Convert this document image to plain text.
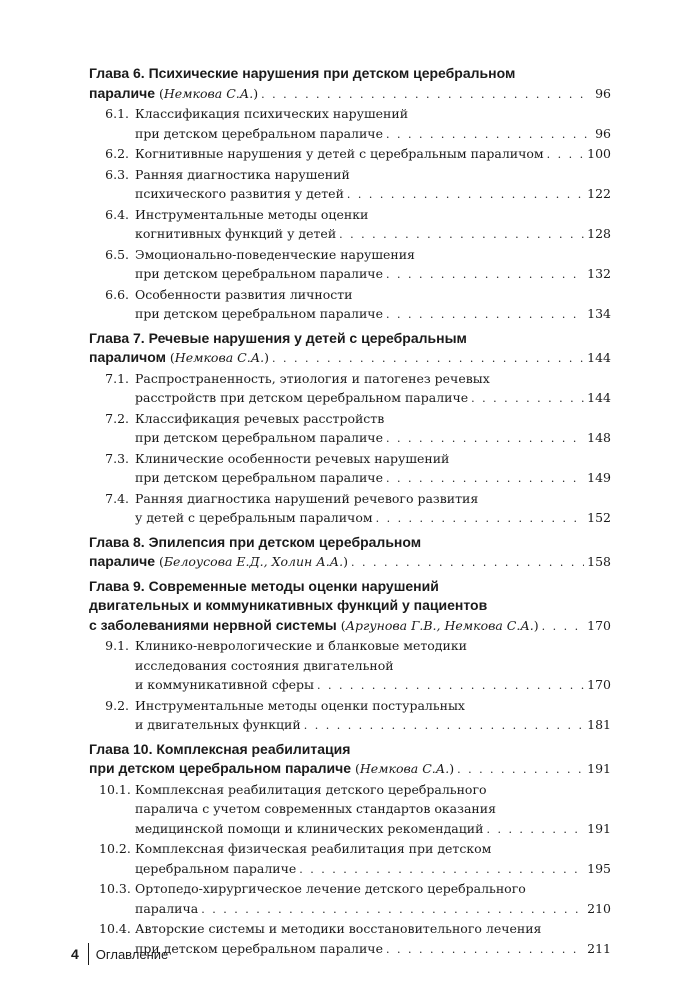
Глава 6. Психические нарушения при детском церебральном
параличе ( Немкова С.А. ) . . .	96
6.1. Классификация психических нарушений
при детском церебральном параличе . . .	96
6.2. Когнитивные нарушения у детей с церебральным параличом . . .	100
6.3. Ранняя диагностика нарушений
психического развития у детей . . .	122
6.4. Инструментальные методы оценки
когнитивных функций у детей . . .	128
6.5. Эмоционально-поведенческие нарушения
при детском церебральном параличе . . .	132
6.6. Особенности развития личности
при детском церебральном параличе . . .	134
Глава 7. Речевые нарушения у детей с церебральным
параличом ( Немкова С.А. ) . . .	144
7.1. Распространенность, этиология и патогенез речевых
расстройств при детском церебральном параличе . . .	144
7.2. Классификация речевых расстройств
при детском церебральном параличе . . .	148
7.3. Клинические особенности речевых нарушений
при детском церебральном параличе . . .	149
7.4. Ранняя диагностика нарушений речевого развития
у детей с церебральным параличом . . .	152
Глава 8. Эпилепсия при детском церебральном
параличе ( Белоусова Е.Д., Холин А.А. ) . . .	158
Глава 9. Современные методы оценки нарушений
двигательных и коммуникативных функций у пациентов
с заболеваниями нервной системы ( Аргунова Г.В., Немкова С.А. ) . . .	170
9.1. Клинико-неврологические и бланковые методики
исследования состояния двигательной
и коммуникативной сферы . . .	170
9.2. Инструментальные методы оценки постуральных
и двигательных функций . . .	181
Глава 10. Комплексная реабилитация
при детском церебральном параличе ( Немкова С.А. ) . . .	191
10.1. Комплексная реабилитация детского церебрального
паралича с учетом современных стандартов оказания
медицинской помощи и клинических рекомендаций . . .	191
10.2. Комплексная физическая реабилитация при детском
церебральном параличе . . .	195
10.3. Ортопедо-хирургическое лечение детского церебрального
паралича . . .	210
10.4. Авторские системы и методики восстановительного лечения
при детском церебральном параличе . . .	211
4 Оглавление
